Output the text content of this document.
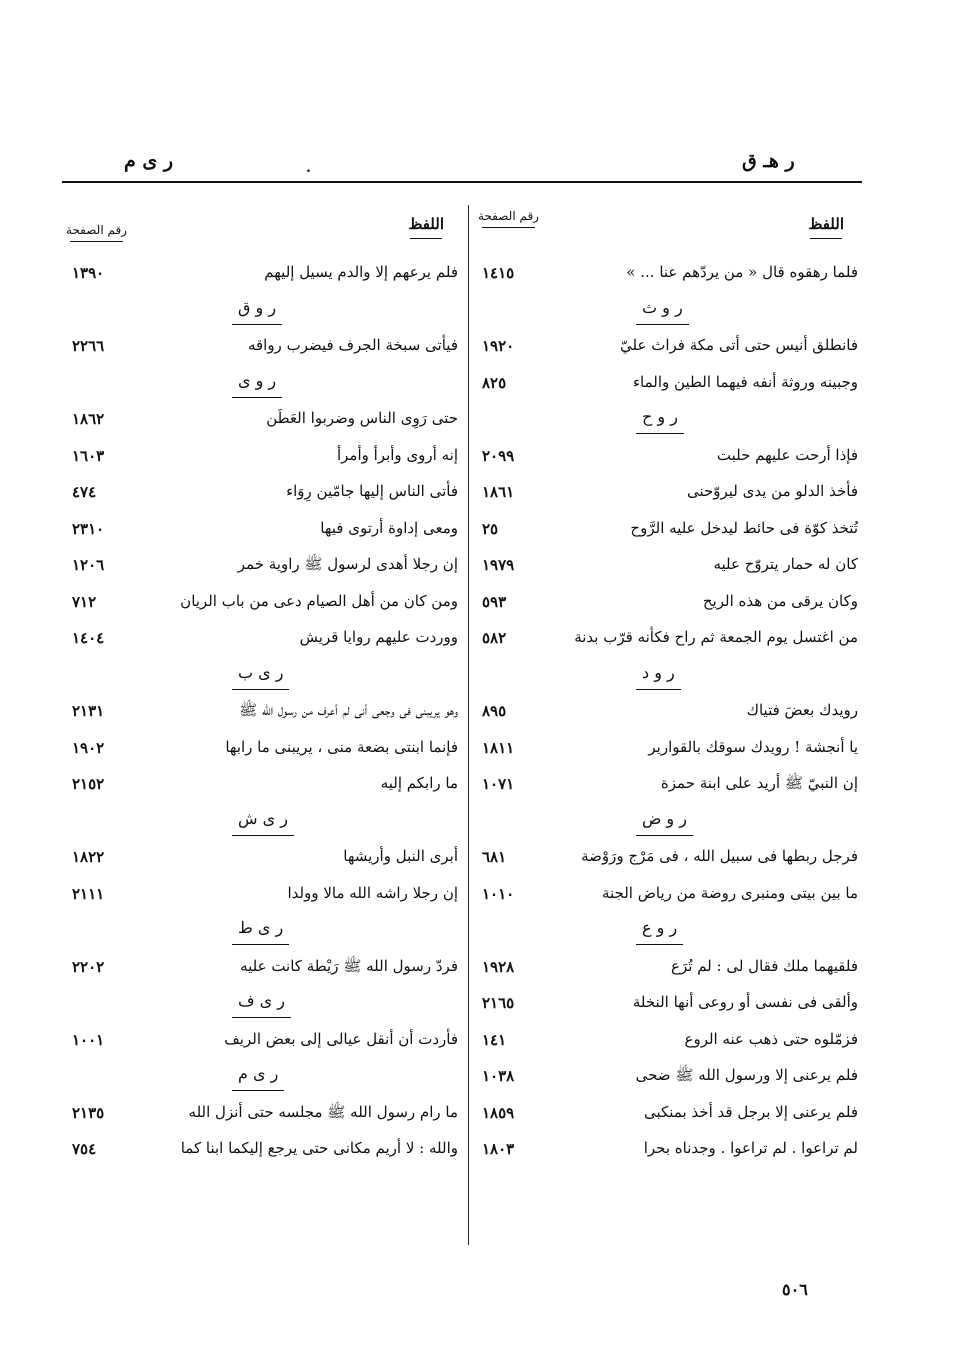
ر هـ ق
.
ر ى م
اللفظ
رقم الصفحة
فلما رهقوه قال « من يردّهم عنا ... »
١٤١٥
ر و ث
فانطلق أنيس حتى أتى مكة فراث عليّ
١٩٢٠
وجبينه وروثة أنفه فيهما الطين والماء
٨٢٥
ر و ح
فإذا أرحت عليهم حلبت
٢٠٩٩
فأخذ الدلو من يدى ليروّحنى
١٨٦١
تُتخذ كوّة فى حائط ليدخل عليه الرَّوح
٢٥
كان له حمار يتروّح عليه
١٩٧٩
وكان يرقى من هذه الريح
٥٩٣
من اغتسل يوم الجمعة ثم راح فكأنه قرّب بدنة
٥٨٢
ر و د
رويدك بعضَ فتياك
٨٩٥
يا أنجشة ! رويدك سوقك بالقوارير
١٨١١
إن النبيّ ﷺ أريد على ابنة حمزة
١٠٧١
ر و ض
فرجل ربطها فى سبيل الله ، فى مَرْج ورَوْضة
٦٨١
ما بين بيتى ومنبرى روضة من رياض الجنة
١٠١٠
ر و ع
فلقيهما ملك فقال لى : لم تُرَع
١٩٢٨
وألقى فى نفسى أو روعى أنها النخلة
٢١٦٥
فزمّلوه حتى ذهب عنه الروع
١٤١
فلم يرعنى إلا ورسول الله ﷺ ضحى
١٠٣٨
فلم يرعنى إلا برجل قد أخذ بمنكبى
١٨٥٩
لم تراعوا . لم تراعوا . وجدناه بحرا
١٨٠٣
اللفظ
رقم الصفحة
فلم يرعهم إلا والدم يسيل إليهم
١٣٩٠
ر و ق
فيأتى سبخة الجرف فيضرب رواقه
٢٢٦٦
ر و ى
حتى رَوِى الناس وضربوا العَطَن
١٨٦٢
إنه أروى وأبرأ وأمرأ
١٦٠٣
فأتى الناس إليها جامّين رِوَاء
٤٧٤
ومعى إداوة أرتوى فيها
٢٣١٠
إن رجلا أهدى لرسول ﷺ راوية خمر
١٢٠٦
ومن كان من أهل الصيام دعى من باب الريان
٧١٢
ووردت عليهم روايا قريش
١٤٠٤
ر ى ب
وهو يريبنى فى وجعى أنى لم أعرف من رسول الله ﷺ
٢١٣١
فإنما ابنتى بضعة منى ، يريبنى ما رابها
١٩٠٢
ما رابكم إليه
٢١٥٢
ر ى ش
أبرى النبل وأريشها
١٨٢٢
إن رجلا راشه الله مالا وولدا
٢١١١
ر ى ط
فردّ رسول الله ﷺ رَيْطة كانت عليه
٢٢٠٢
ر ى ف
فأردت أن أنقل عيالى إلى بعض الريف
١٠٠١
ر ى م
ما رام رسول الله ﷺ مجلسه حتى أنزل الله
٢١٣٥
والله : لا أريم مكانى حتى يرجع إليكما ابنا كما
٧٥٤
٥٠٦
